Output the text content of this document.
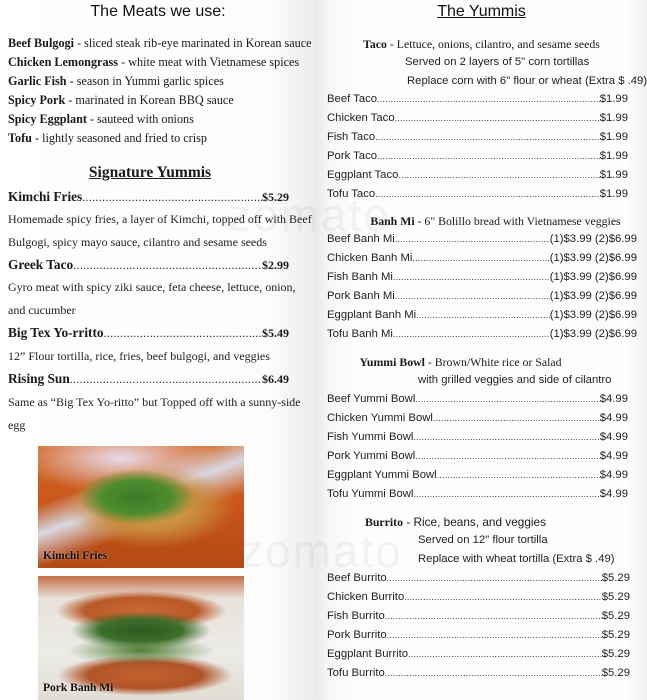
The Meats we use:
Beef Bulgogi - sliced steak rib-eye marinated in Korean sauce
Chicken Lemongrass - white meat with Vietnamese spices
Garlic Fish - season in Yummi garlic spices
Spicy Pork - marinated in Korean BBQ sauce
Spicy Eggplant - sauteed with onions
Tofu - lightly seasoned and fried to crisp
Signature Yummis
Kimchi Fries .....	$5.29
Homemade spicy fries, a layer of Kimchi, topped off with Beef
Bulgogi, spicy mayo sauce, cilantro and sesame seeds
Greek Taco .....	$2.99
Gyro meat with spicy ziki sauce, feta cheese, lettuce, onion,
and cucumber
Big Tex Yo-rritto .....	$5.49
12” Flour tortilla, rice, fries, beef bulgogi, and veggies
Rising Sun .....	$6.49
Same as “Big Tex Yo-ritto” but Topped off with a sunny-side
egg
Kimchi Fries
Pork Banh Mi
The Yummis
Taco - Lettuce, onions, cilantro, and sesame seeds
Served on 2 layers of 5" corn tortillas
Replace corn with 6" flour or wheat (Extra $ .49)
Beef Taco .....	$1.99
Chicken Taco .....	$1.99
Fish Taco .....	$1.99
Pork Taco .....	$1.99
Eggplant Taco .....	$1.99
Tofu Taco .....	$1.99
Banh Mi - 6" Bolillo bread with Vietnamese veggies
Beef Banh Mi .....	(1)$3.99 (2)$6.99
Chicken Banh Mi .....	(1)$3.99 (2)$6.99
Fish Banh Mi .....	(1)$3.99 (2)$6.99
Pork Banh Mi .....	(1)$3.99 (2)$6.99
Eggplant Banh Mi .....	(1)$3.99 (2)$6.99
Tofu Banh Mi .....	(1)$3.99 (2)$6.99
Yummi Bowl - Brown/White rice or Salad
with grilled veggies and side of cilantro
Beef Yummi Bowl .....	$4.99
Chicken Yummi Bowl .....	$4.99
Fish Yummi Bowl .....	$4.99
Pork Yummi Bowl .....	$4.99
Eggplant Yummi Bowl .....	$4.99
Tofu Yummi Bowl .....	$4.99
Burrito - Rice, beans, and veggies
Served on 12" flour tortilla
Replace with wheat tortilla (Extra $ .49)
Beef Burrito .....	$5.29
Chicken Burrito .....	$5.29
Fish Burrito .....	$5.29
Pork Burrito .....	$5.29
Eggplant Burrito .....	$5.29
Tofu Burrito .....	$5.29
